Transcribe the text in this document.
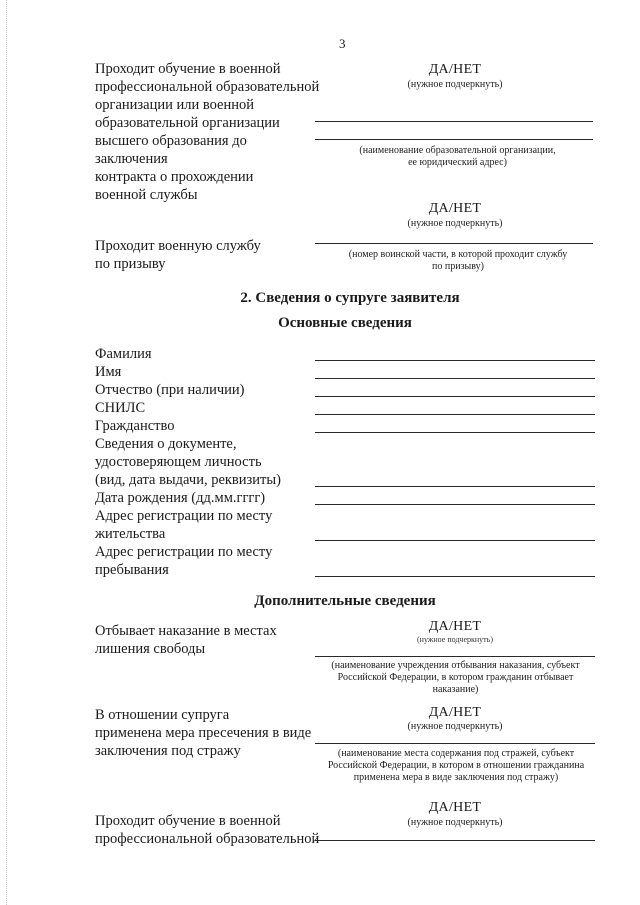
3
Проходит обучение в военной
профессиональной образовательной
организации или военной
образовательной организации
высшего образования до заключения
контракта о прохождении
военной службы
ДА/НЕТ
(нужное подчеркнуть)
(наименование образовательной организации,
ее юридический адрес)
ДА/НЕТ
(нужное подчеркнуть)
Проходит военную службу
по призыву
(номер воинской части, в которой проходит службу
по призыву)
2. Сведения о супруге заявителя
Основные сведения
Фамилия
Имя
Отчество (при наличии)
СНИЛС
Гражданство
Сведения о документе,
удостоверяющем личность
(вид, дата выдачи, реквизиты)
Дата рождения (дд.мм.гггг)
Адрес регистрации по месту
жительства
Адрес регистрации по месту
пребывания
Дополнительные сведения
Отбывает наказание в местах
лишения свободы
ДА/НЕТ
(нужное подчеркнуть)
(наименование учреждения отбывания наказания, субъект
Российской Федерации, в котором гражданин отбывает
наказание)
В отношении супруга
применена мера пресечения в виде
заключения под стражу
ДА/НЕТ
(нужное подчеркнуть)
(наименование места содержания под стражей, субъект
Российской Федерации, в котором в отношении гражданина
применена мера в виде заключения под стражу)
ДА/НЕТ
(нужное подчеркнуть)
Проходит обучение в военной
профессиональной образовательной
